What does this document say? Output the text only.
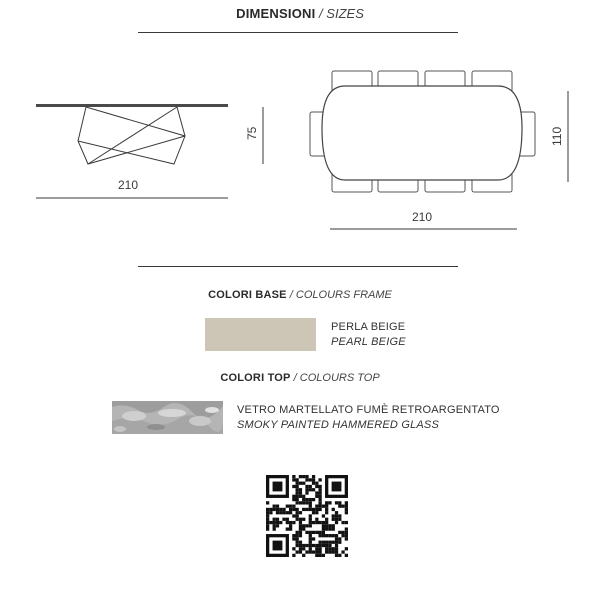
DIMENSIONI / SIZES
210
75
210
110
COLORI BASE / COLOURS FRAME
PERLA BEIGE
PEARL BEIGE
COLORI TOP / COLOURS TOP
VETRO MARTELLATO FUMÈ RETROARGENTATO
SMOKY PAINTED HAMMERED GLASS
